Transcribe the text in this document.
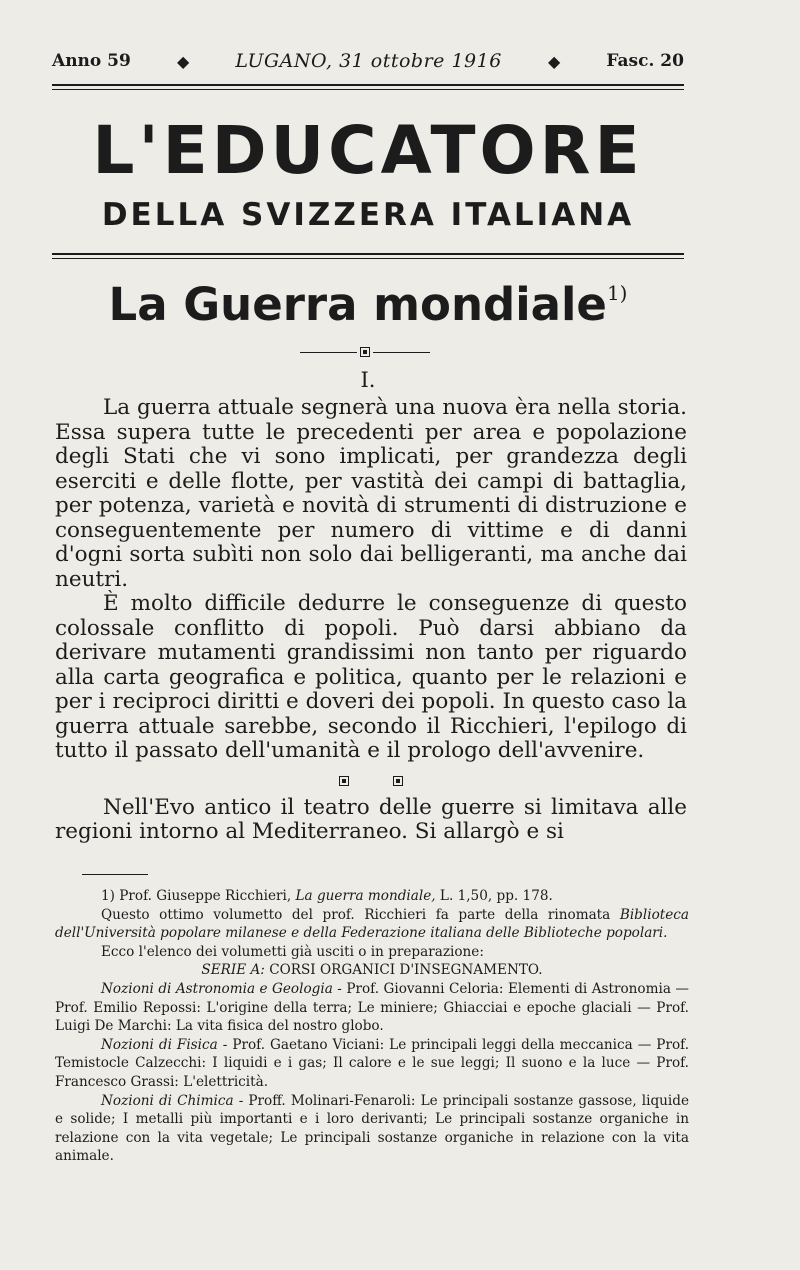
Anno 59	◆ LUGANO, 31 ottobre 1916	◆	Fasc. 20
L'EDUCATORE
DELLA SVIZZERA ITALIANA
La Guerra mondiale$^{1)}$
I.

La guerra attuale segnerà una nuova èra nella storia. Essa supera tutte le precedenti per area e popolazione degli Stati che vi sono implicati, per grandezza degli eserciti e delle flotte, per vastità dei campi di battaglia, per potenza, varietà e novità di strumenti di distruzione e conseguentemente per numero di vittime e di danni d'ogni sorta subìti non solo dai belligeranti, ma anche dai neutri.

È molto difficile dedurre le conseguenze di questo colossale conflitto di popoli. Può darsi abbiano da derivare mutamenti grandissimi non tanto per riguardo alla carta geografica e politica, quanto per le relazioni e per i reciproci diritti e doveri dei popoli. In questo caso la guerra attuale sarebbe, secondo il Ricchieri, l'epilogo di tutto il passato dell'umanità e il prologo dell'avvenire.

Nell'Evo antico il teatro delle guerre si limitava alle regioni intorno al Mediterraneo. Si allargò e si

1) Prof. Giuseppe Ricchieri, La guerra mondiale, L. 1,50, pp. 178.

Questo ottimo volumetto del prof. Ricchieri fa parte della rinomata Biblioteca dell'Università popolare milanese e della Federazione italiana delle Biblioteche popolari.

Ecco l'elenco dei volumetti già usciti o in preparazione:

SERIE A: CORSI ORGANICI D'INSEGNAMENTO.

Nozioni di Astronomia e Geologia - Prof. Giovanni Celoria: Elementi di Astronomia — Prof. Emilio Repossi: L'origine della terra; Le miniere; Ghiacciai e epoche glaciali — Prof. Luigi De Marchi: La vita fisica del nostro globo.

Nozioni di Fisica - Prof. Gaetano Viciani: Le principali leggi della meccanica — Prof. Temistocle Calzecchi: I liquidi e i gas; Il calore e le sue leggi; Il suono e la luce — Prof. Francesco Grassi: L'elettricità.

Nozioni di Chimica - Proff. Molinari-Fenaroli: Le principali sostanze gassose, liquide e solide; I metalli più importanti e i loro derivanti; Le principali sostanze organiche in relazione con la vita vegetale; Le principali sostanze organiche in relazione con la vita animale.
